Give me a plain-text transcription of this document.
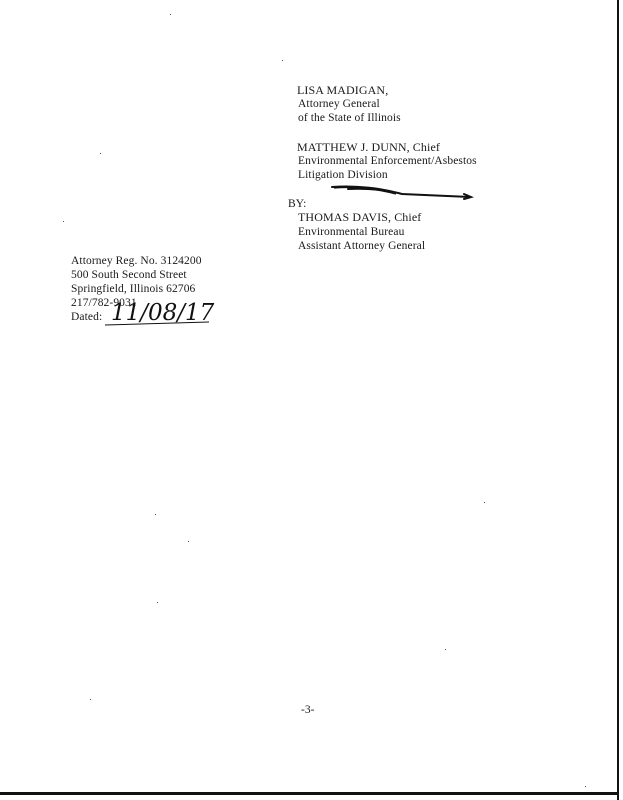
LISA MADIGAN,
Attorney General
of the State of Illinois
MATTHEW J. DUNN, Chief
Environmental Enforcement/Asbestos
Litigation Division
BY:
THOMAS DAVIS, Chief
Environmental Bureau
Assistant Attorney General
Attorney Reg. No. 3124200
500 South Second Street
Springfield, Illinois 62706
217/782-9031
Dated: 11/08/17
-3-
